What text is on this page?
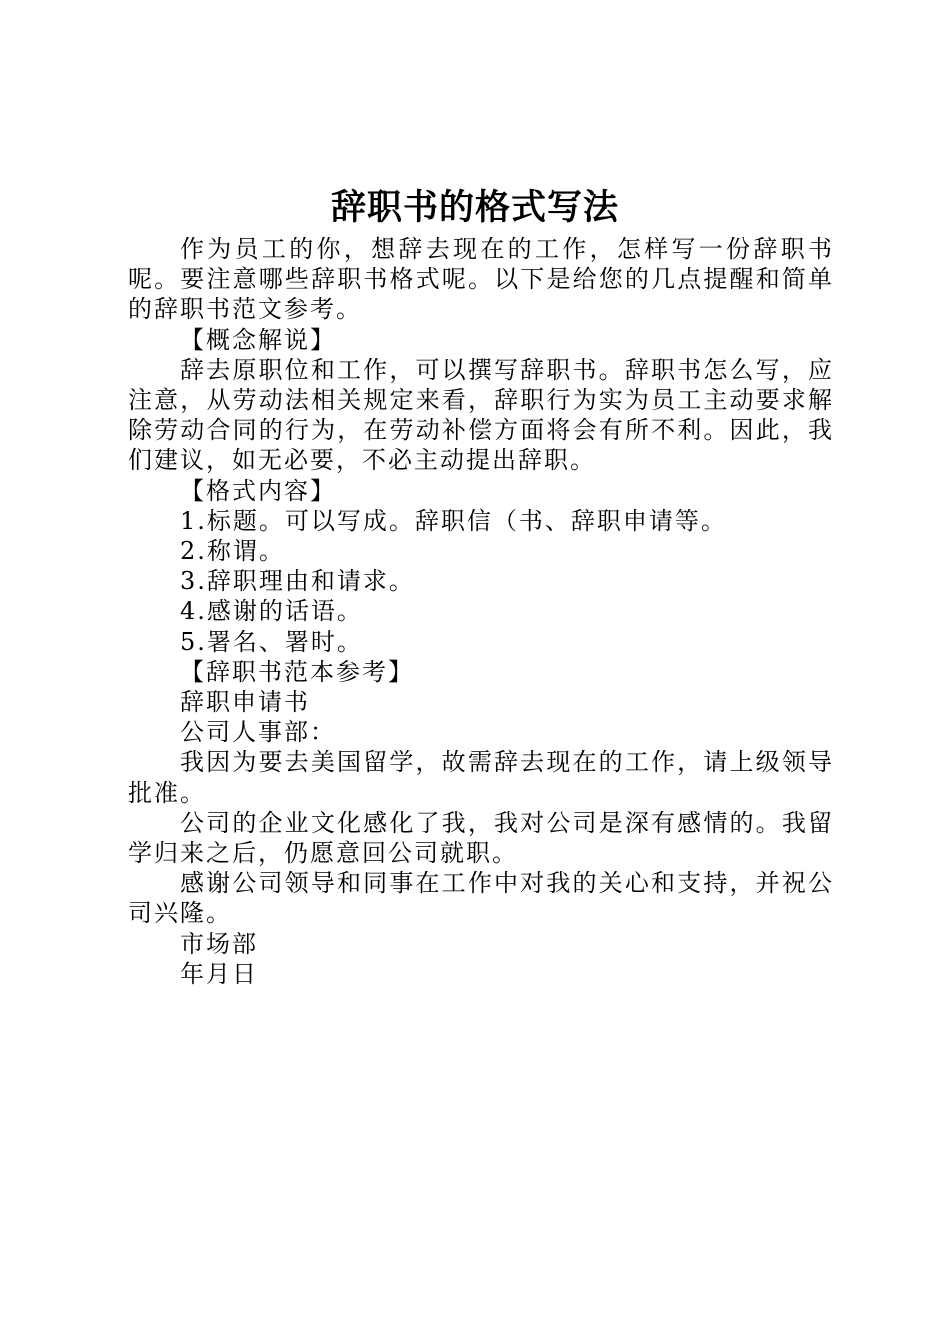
辞职书的格式写法

作为员工的你，想辞去现在的工作，怎样写一份辞职书呢。要注意哪些辞职书格式呢。以下是给您的几点提醒和简单的辞职书范文参考。

【概念解说】

辞去原职位和工作，可以撰写辞职书。辞职书怎么写，应注意，从劳动法相关规定来看，辞职行为实为员工主动要求解除劳动合同的行为，在劳动补偿方面将会有所不利。因此，我们建议，如无必要，不必主动提出辞职。

【格式内容】

1.标题。可以写成。辞职信（书、辞职申请等。

2.称谓。

3.辞职理由和请求。

4.感谢的话语。

5.署名、署时。

【辞职书范本参考】

辞职申请书

公司人事部：

我因为要去美国留学，故需辞去现在的工作，请上级领导批准。

公司的企业文化感化了我，我对公司是深有感情的。我留学归来之后，仍愿意回公司就职。

感谢公司领导和同事在工作中对我的关心和支持，并祝公司兴隆。

市场部

年月日
